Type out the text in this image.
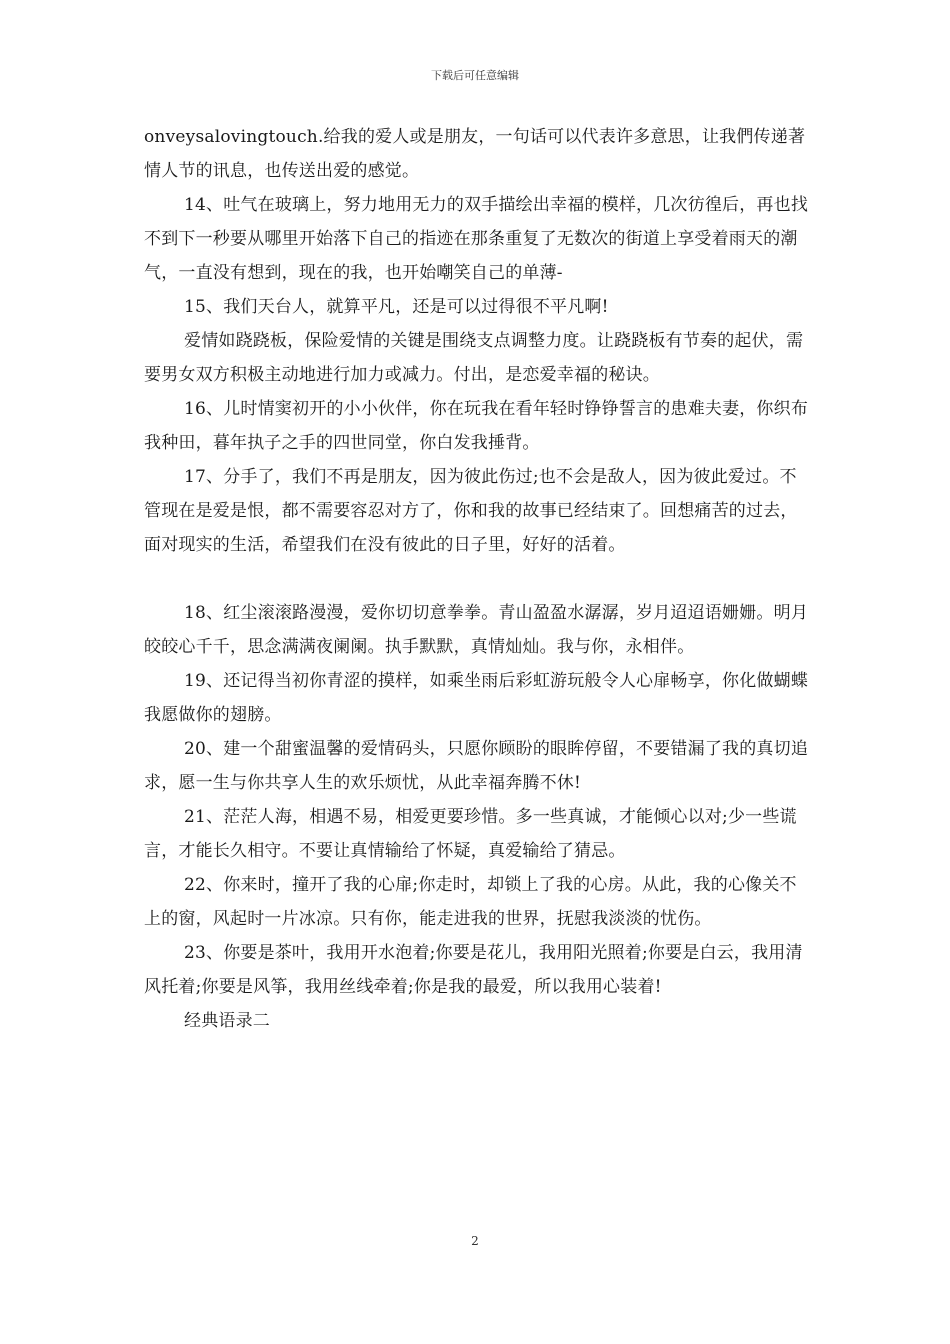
下载后可任意编辑

onveysalovingtouch.给我的爱人或是朋友，一句话可以代表许多意思，让我們传递著情人节的讯息，也传送出爱的感觉。

14、吐气在玻璃上，努力地用无力的双手描绘出幸福的模样，几次彷徨后，再也找不到下一秒要从哪里开始落下自己的指迹在那条重复了无数次的街道上享受着雨天的潮气，一直没有想到，现在的我，也开始嘲笑自己的单薄-

15、我们天台人，就算平凡，还是可以过得很不平凡啊!

爱情如跷跷板，保险爱情的关键是围绕支点调整力度。让跷跷板有节奏的起伏，需要男女双方积极主动地进行加力或减力。付出，是恋爱幸福的秘诀。

16、儿时情窦初开的小小伙伴，你在玩我在看年轻时铮铮誓言的患难夫妻，你织布我种田，暮年执子之手的四世同堂，你白发我捶背。

17、分手了，我们不再是朋友，因为彼此伤过;也不会是敌人，因为彼此爱过。不管现在是爱是恨，都不需要容忍对方了，你和我的故事已经结束了。回想痛苦的过去，面对现实的生活，希望我们在没有彼此的日子里，好好的活着。

18、红尘滚滚路漫漫，爱你切切意拳拳。青山盈盈水潺潺，岁月迢迢语姗姗。明月皎皎心千千，思念满满夜阑阑。执手默默，真情灿灿。我与你，永相伴。

19、还记得当初你青涩的摸样，如乘坐雨后彩虹游玩般令人心扉畅享，你化做蝴蝶我愿做你的翅膀。

20、建一个甜蜜温馨的爱情码头，只愿你顾盼的眼眸停留，不要错漏了我的真切追求，愿一生与你共享人生的欢乐烦忧，从此幸福奔腾不休!

21、茫茫人海，相遇不易，相爱更要珍惜。多一些真诚，才能倾心以对;少一些谎言，才能长久相守。不要让真情输给了怀疑，真爱输给了猜忌。

22、你来时，撞开了我的心扉;你走时，却锁上了我的心房。从此，我的心像关不上的窗，风起时一片冰凉。只有你，能走进我的世界，抚慰我淡淡的忧伤。

23、你要是茶叶，我用开水泡着;你要是花儿，我用阳光照着;你要是白云，我用清风托着;你要是风筝，我用丝线牵着;你是我的最爱，所以我用心装着!

经典语录二

2
